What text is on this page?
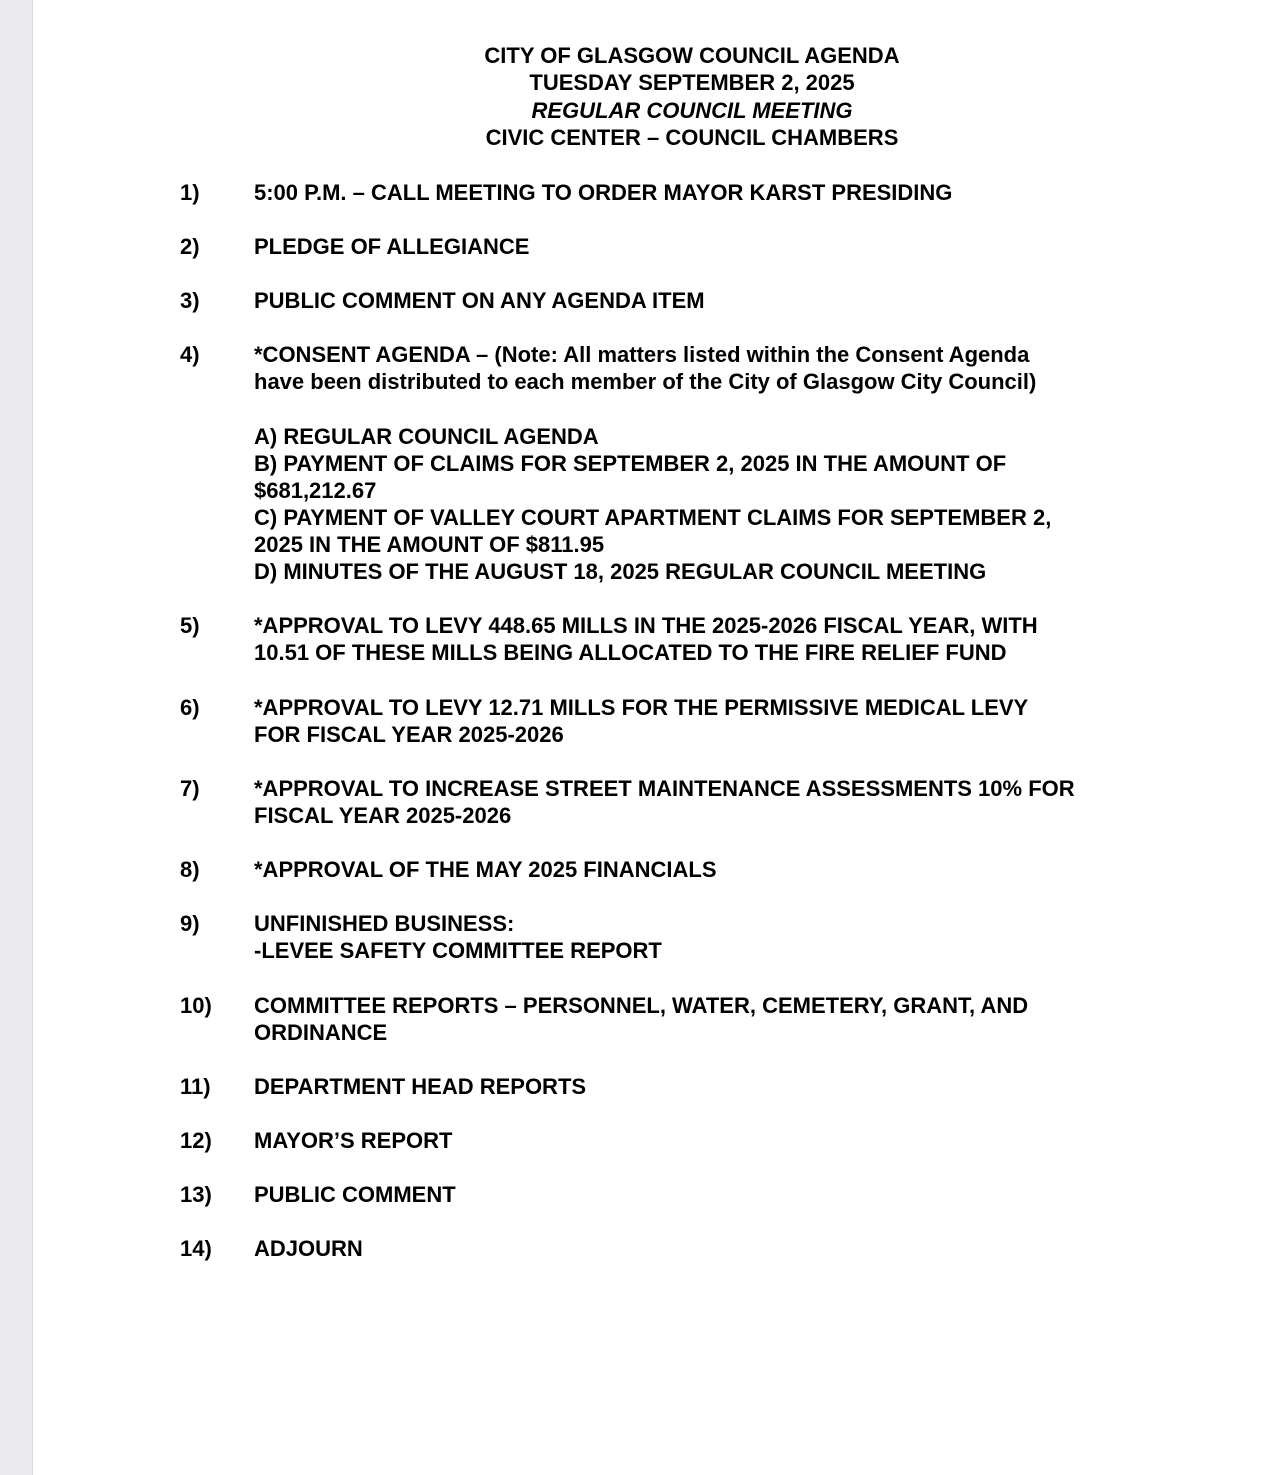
CITY OF GLASGOW COUNCIL AGENDA
TUESDAY SEPTEMBER 2, 2025
REGULAR COUNCIL MEETING
CIVIC CENTER – COUNCIL CHAMBERS
1) 5:00 P.M. – CALL MEETING TO ORDER MAYOR KARST PRESIDING
2) PLEDGE OF ALLEGIANCE
3) PUBLIC COMMENT ON ANY AGENDA ITEM
4) *CONSENT AGENDA – (Note: All matters listed within the Consent Agenda
have been distributed to each member of the City of Glasgow City Council)
A) REGULAR COUNCIL AGENDA
B) PAYMENT OF CLAIMS FOR SEPTEMBER 2, 2025 IN THE AMOUNT OF
$681,212.67
C) PAYMENT OF VALLEY COURT APARTMENT CLAIMS FOR SEPTEMBER 2,
2025 IN THE AMOUNT OF $811.95
D) MINUTES OF THE AUGUST 18, 2025 REGULAR COUNCIL MEETING
5) *APPROVAL TO LEVY 448.65 MILLS IN THE 2025-2026 FISCAL YEAR, WITH
10.51 OF THESE MILLS BEING ALLOCATED TO THE FIRE RELIEF FUND
6) *APPROVAL TO LEVY 12.71 MILLS FOR THE PERMISSIVE MEDICAL LEVY
FOR FISCAL YEAR 2025-2026
7) *APPROVAL TO INCREASE STREET MAINTENANCE ASSESSMENTS 10% FOR
FISCAL YEAR 2025-2026
8) *APPROVAL OF THE MAY 2025 FINANCIALS
9) UNFINISHED BUSINESS:
-LEVEE SAFETY COMMITTEE REPORT
10) COMMITTEE REPORTS – PERSONNEL, WATER, CEMETERY, GRANT, AND
ORDINANCE
11) DEPARTMENT HEAD REPORTS
12) MAYOR’S REPORT
13) PUBLIC COMMENT
14) ADJOURN
